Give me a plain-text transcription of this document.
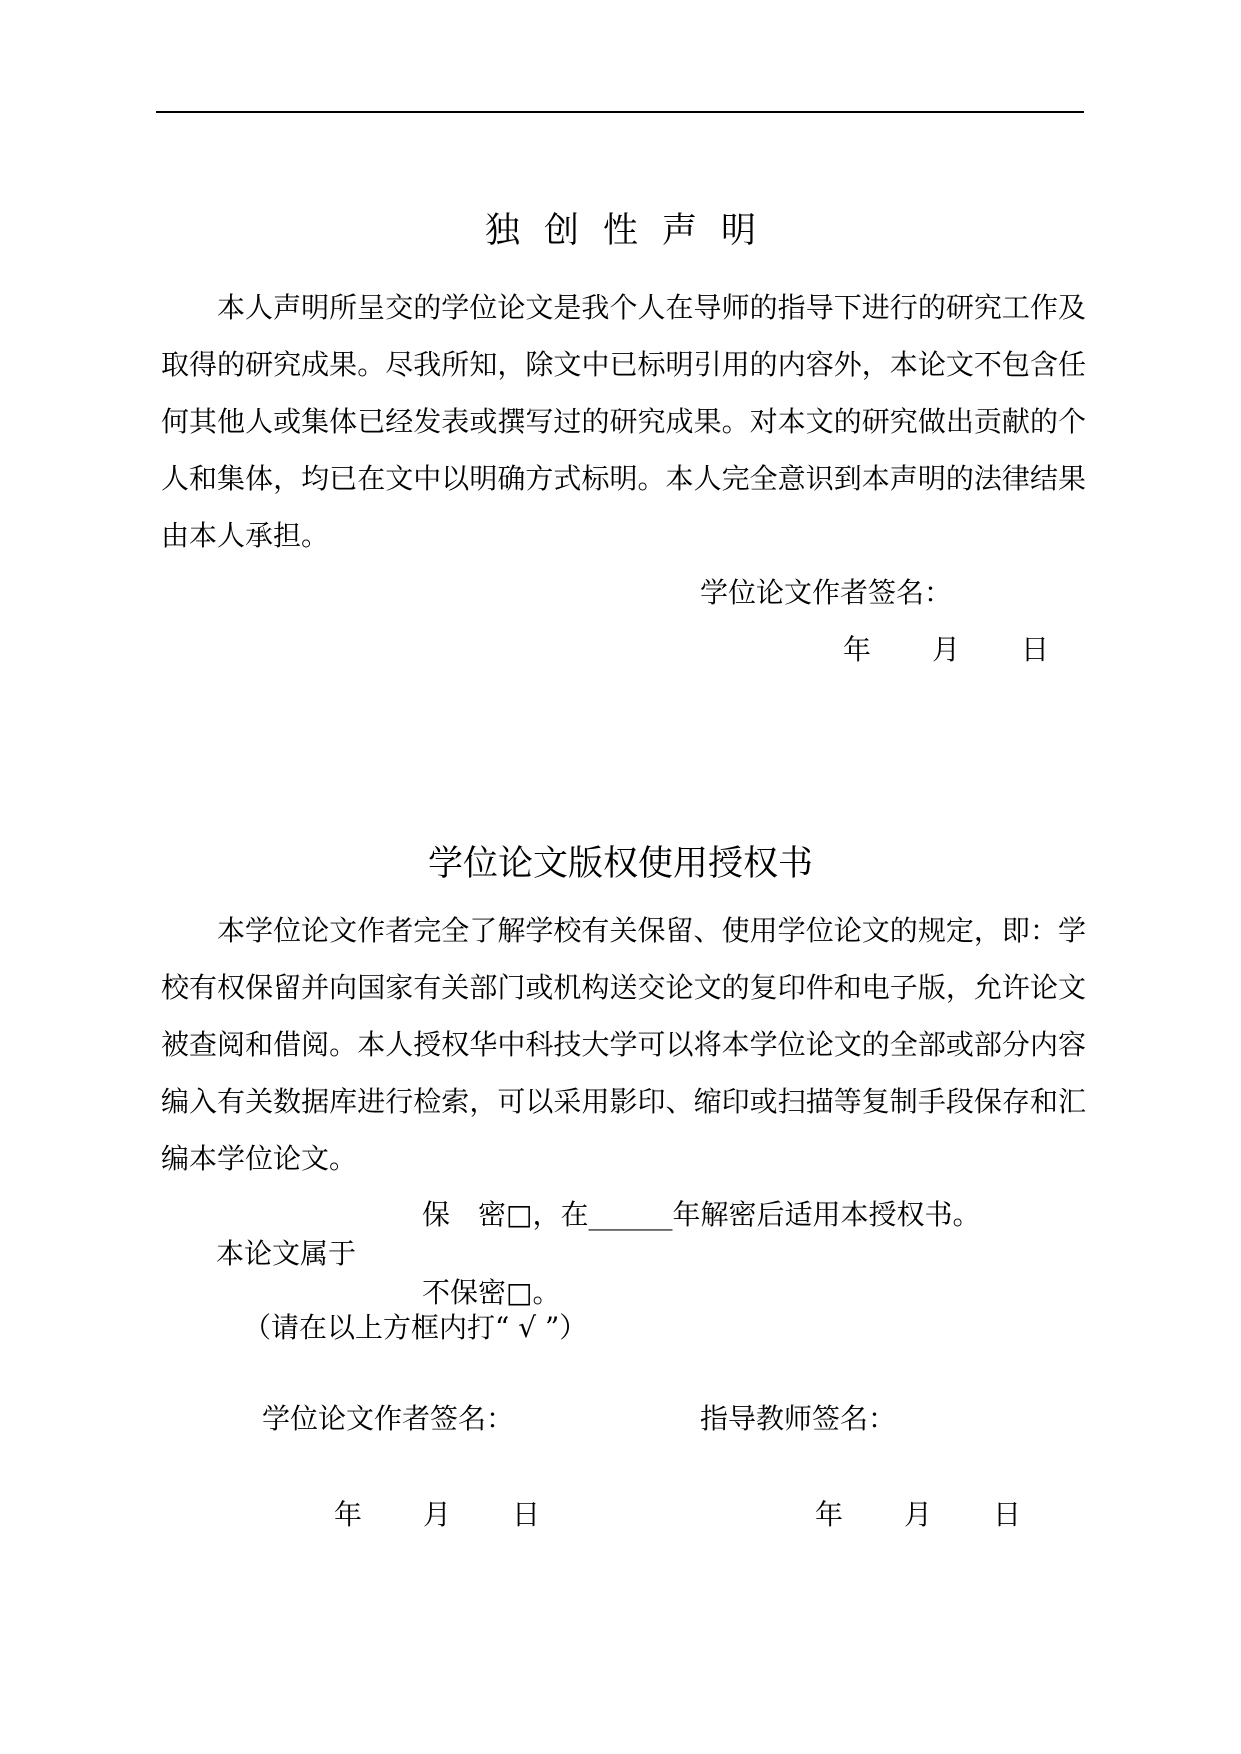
独创性声明
本人声明所呈交的学位论文是我个人在导师的指导下进行的研究工作及取得的研究成果。尽我所知，除文中已标明引用的内容外，本论文不包含任何其他人或集体已经发表或撰写过的研究成果。对本文的研究做出贡献的个人和集体，均已在文中以明确方式标明。本人完全意识到本声明的法律结果由本人承担。
学位论文作者签名：
年 月 日
学位论文版权使用授权书
本学位论文作者完全了解学校有关保留、使用学位论文的规定，即：学校有权保留并向国家有关部门或机构送交论文的复印件和电子版，允许论文被查阅和借阅。本人授权华中科技大学可以将本学位论文的全部或部分内容编入有关数据库进行检索，可以采用影印、缩印或扫描等复制手段保存和汇编本学位论文。
保　密□，在______年解密后适用本授权书。
本论文属于
不保密□。
（请在以上方框内打“ √ ”）
学位论文作者签名：	指导教师签名：
年 月 日	年 月 日
